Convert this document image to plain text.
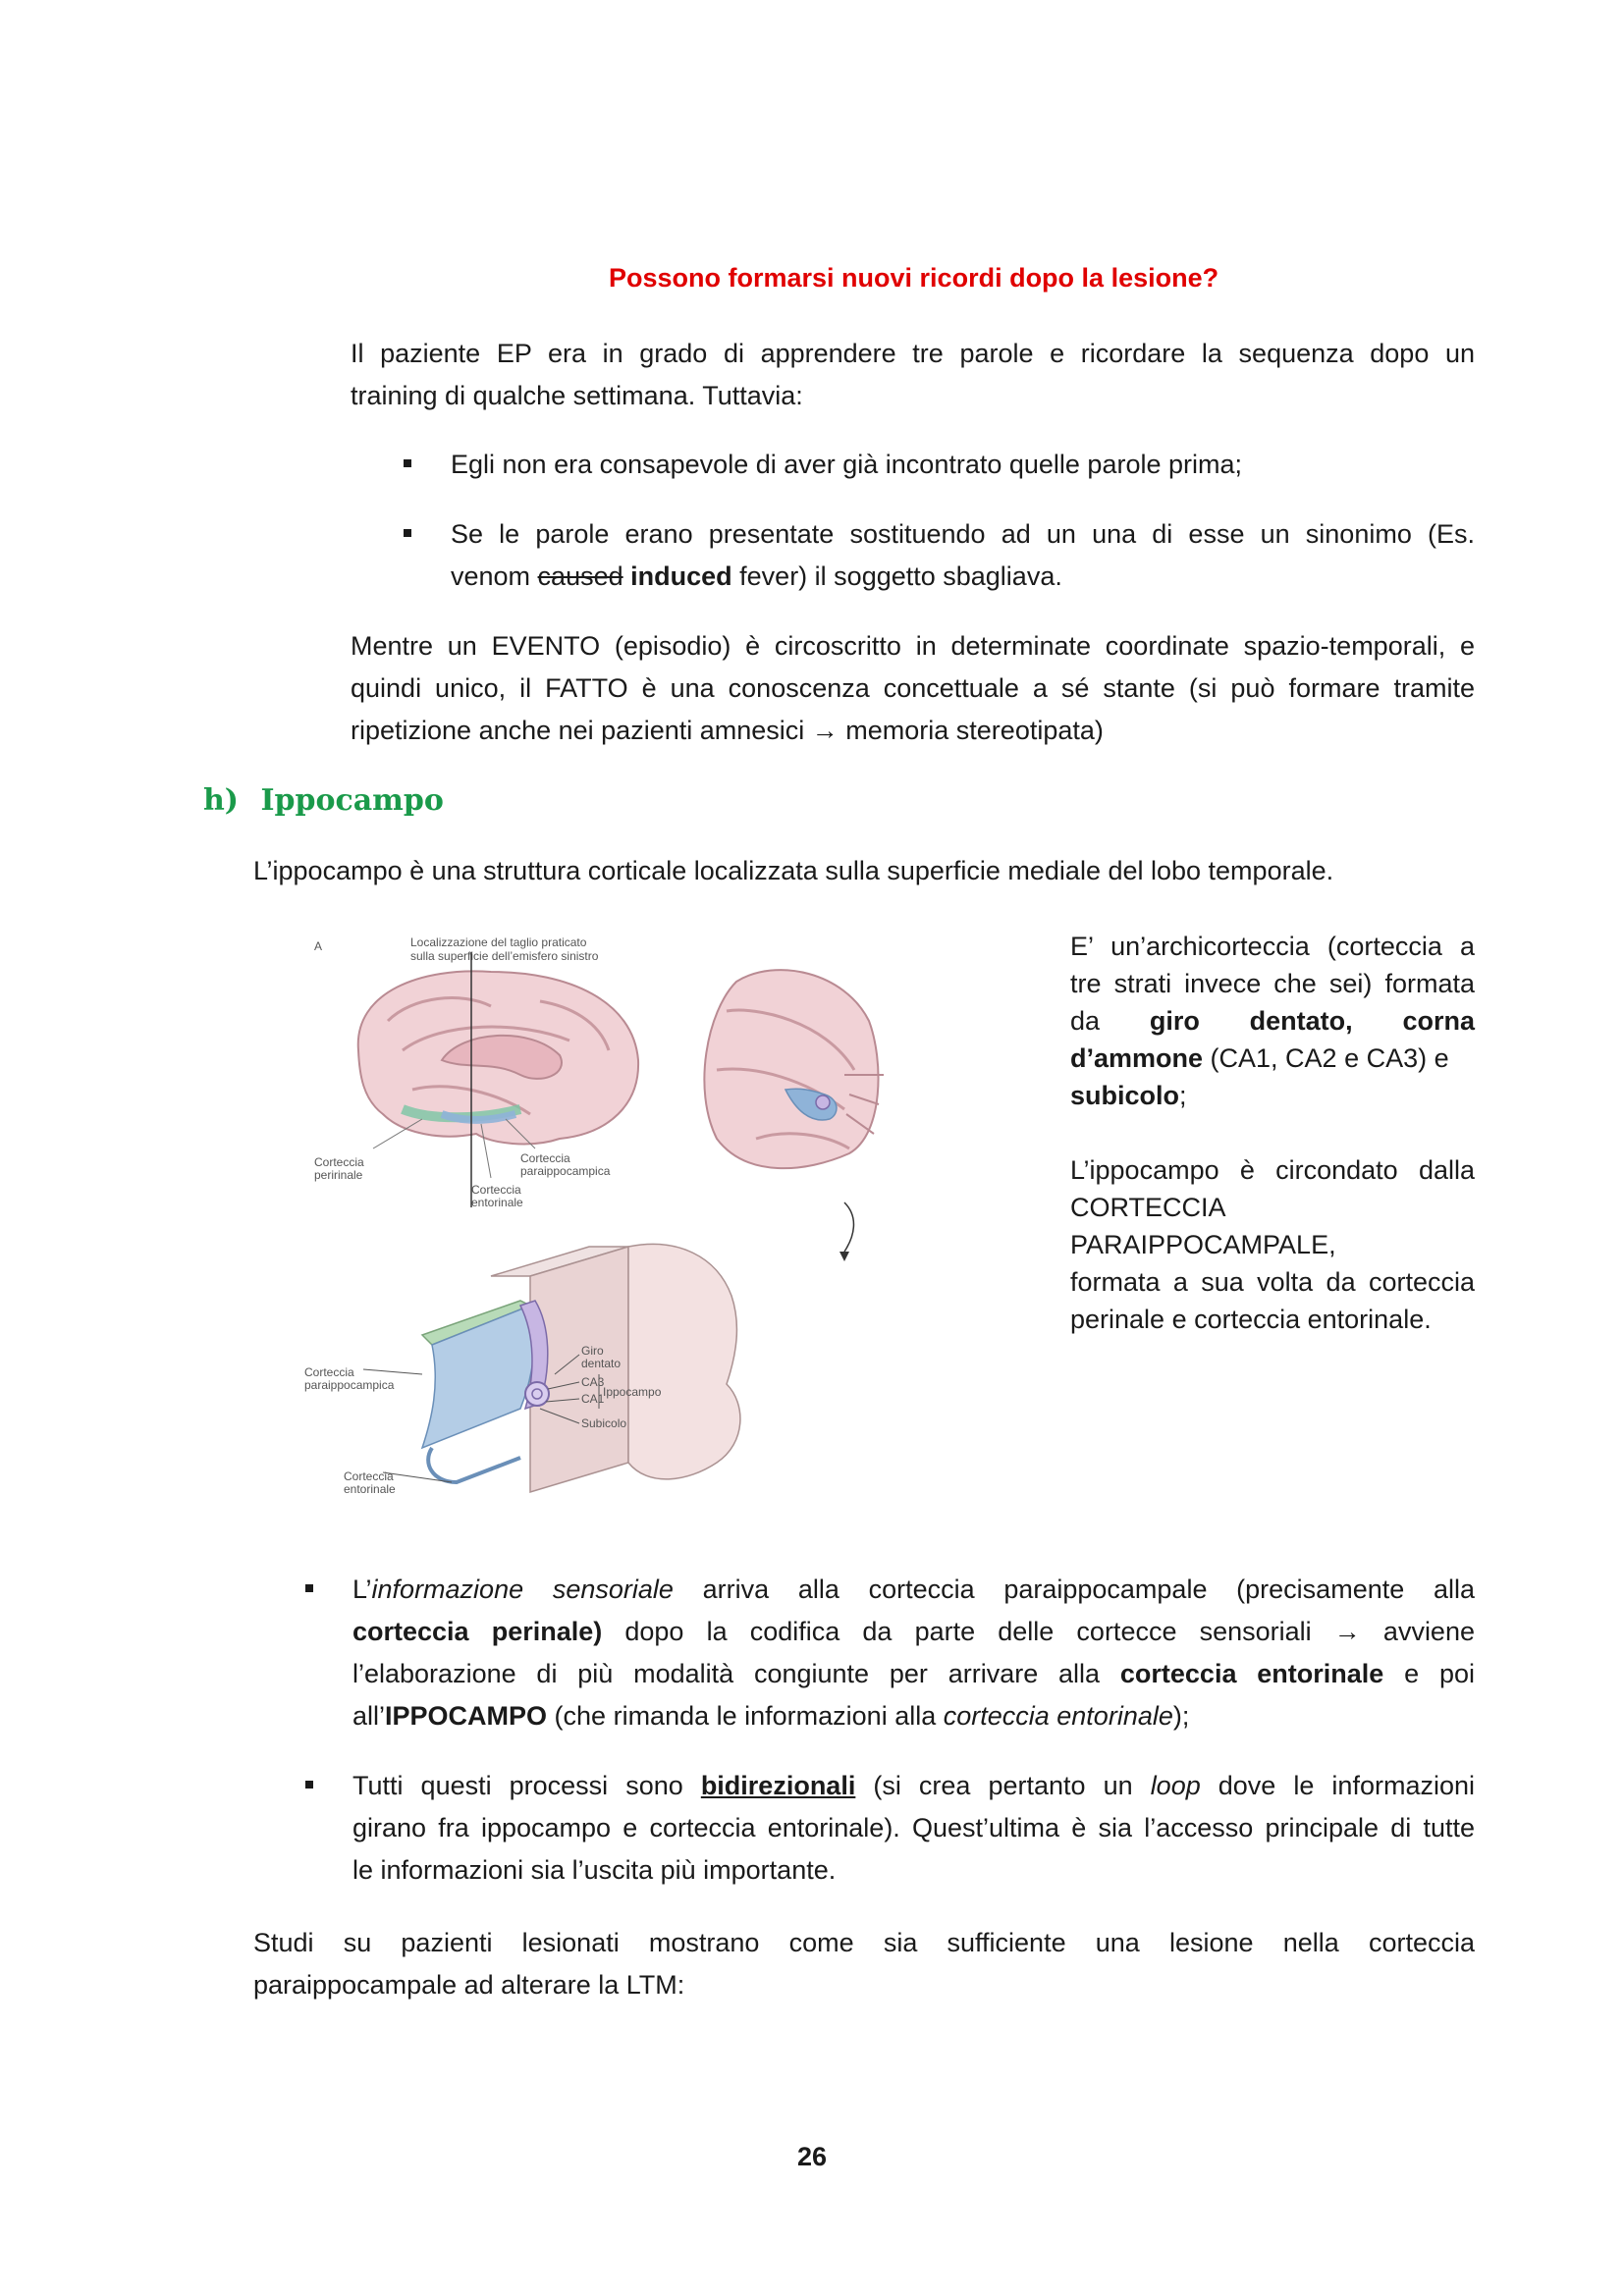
Possono formarsi nuovi ricordi dopo la lesione?

Il paziente EP era in grado di apprendere tre parole e ricordare la sequenza dopo un

training di qualche settimana. Tuttavia:

Egli non era consapevole di aver già incontrato quelle parole prima;

Se le parole erano presentate sostituendo ad un una di esse un sinonimo (Es.

venom caused induced fever) il soggetto sbagliava.

Mentre un EVENTO (episodio) è circoscritto in determinate coordinate spazio-temporali, e

quindi unico, il FATTO è una conoscenza concettuale a sé stante (si può formare tramite

ripetizione anche nei pazienti amnesici → memoria stereotipata)

h) Ippocampo
L’ippocampo è una struttura corticale localizzata sulla superficie mediale del lobo temporale.
A	Localizzazione del taglio praticato
sulla superficie dell’emisfero sinistro
Corteccia
peririnale
Corteccia
entorinale
Corteccia
paraippocampica
Giro
dentato
CA3
CA1
Ippocampo
Subicolo
Corteccia
paraippocampica
Corteccia
entorinale
E’ un’archicorteccia (corteccia a
tre strati invece che sei) formata
da giro dentato, corna
d’ammone (CA1, CA2 e CA3) e
subicolo;
L’ippocampo è circondato dalla
CORTECCIA PARAIPPOCAMPALE,
formata a sua volta da corteccia
perinale e corteccia entorinale.

L’informazione sensoriale arriva alla corteccia paraippocampale (precisamente alla

corteccia perinale) dopo la codifica da parte delle cortecce sensoriali → avviene

l’elaborazione di più modalità congiunte per arrivare alla corteccia entorinale e poi

all’IPPOCAMPO (che rimanda le informazioni alla corteccia entorinale);

Tutti questi processi sono bidirezionali (si crea pertanto un loop dove le informazioni

girano fra ippocampo e corteccia entorinale). Quest’ultima è sia l’accesso principale di tutte

le informazioni sia l’uscita più importante.

Studi su pazienti lesionati mostrano come sia sufficiente una lesione nella corteccia

paraippocampale ad alterare la LTM:

26
